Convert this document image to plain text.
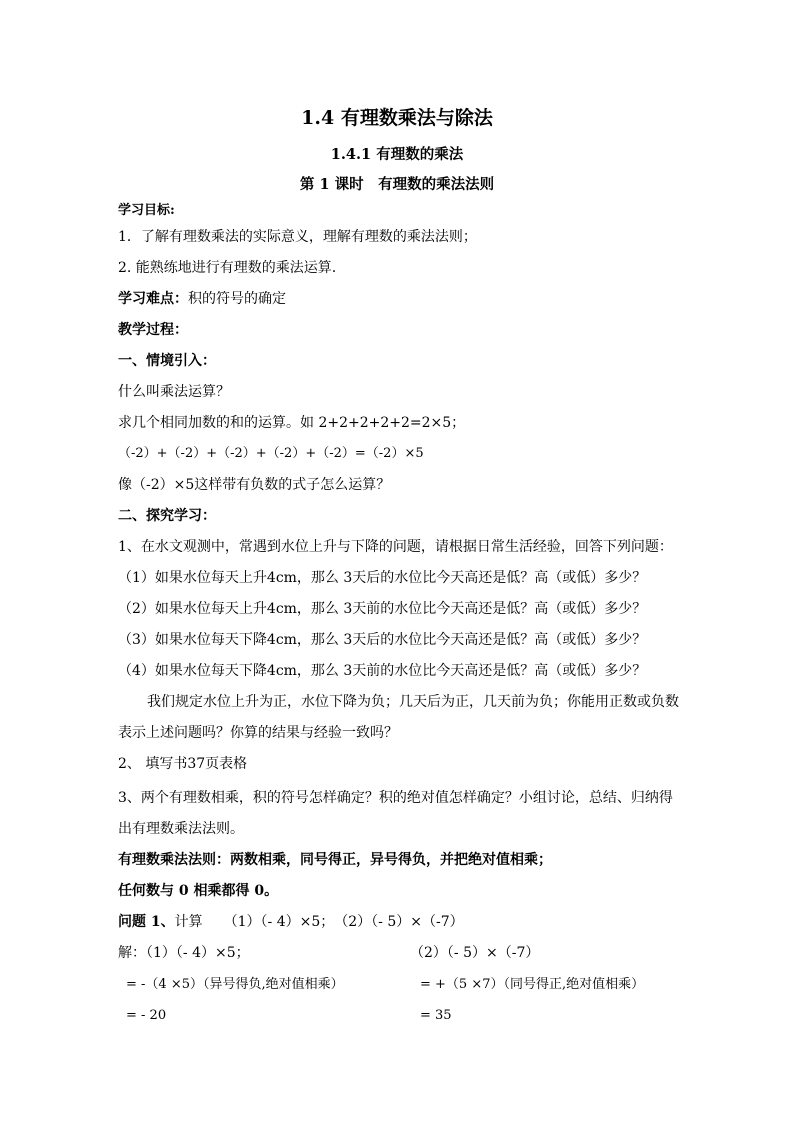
1.4 有理数乘法与除法
1.4.1 有理数的乘法
第 1 课时　有理数的乘法法则
学习目标:
1．了解有理数乘法的实际意义，理解有理数的乘法法则；
2. 能熟练地进行有理数的乘法运算.
学习难点：积的符号的确定
教学过程：
一、情境引入：
什么叫乘法运算？
求几个相同加数的和的运算。如 2+2+2+2+2=2×5；
（-2）+（-2）+（-2）+（-2）+（-2）=（-2）×5
像（-2）×5这样带有负数的式子怎么运算？
二、探究学习：
1、在水文观测中，常遇到水位上升与下降的问题，请根据日常生活经验，回答下列问题：
（1）如果水位每天上升4cm，那么 3天后的水位比今天高还是低？高（或低）多少？
（2）如果水位每天上升4cm，那么 3天前的水位比今天高还是低？高（或低）多少？
（3）如果水位每天下降4cm，那么 3天后的水位比今天高还是低？高（或低）多少？
（4）如果水位每天下降4cm，那么 3天前的水位比今天高还是低？高（或低）多少？
我们规定水位上升为正，水位下降为负；几天后为正，几天前为负；你能用正数或负数
表示上述问题吗？你算的结果与经验一致吗？
2、 填写书37页表格
3、两个有理数相乘，积的符号怎样确定？积的绝对值怎样确定？小组讨论，总结、归纳得
出有理数乘法法则。
有理数乘法法则：两数相乘，同号得正，异号得负，并把绝对值相乘；
任何数与 0 相乘都得 0。
问题 1、计算　　（1）（- 4）×5；　（2）（- 5）×（-7）
解：（1）（- 4）×5；	（2）（- 5）×（-7）
= -（4 ×5）（异号得负,绝对值相乘）	= +（5 ×7）（同号得正,绝对值相乘）
= - 20	= 35
